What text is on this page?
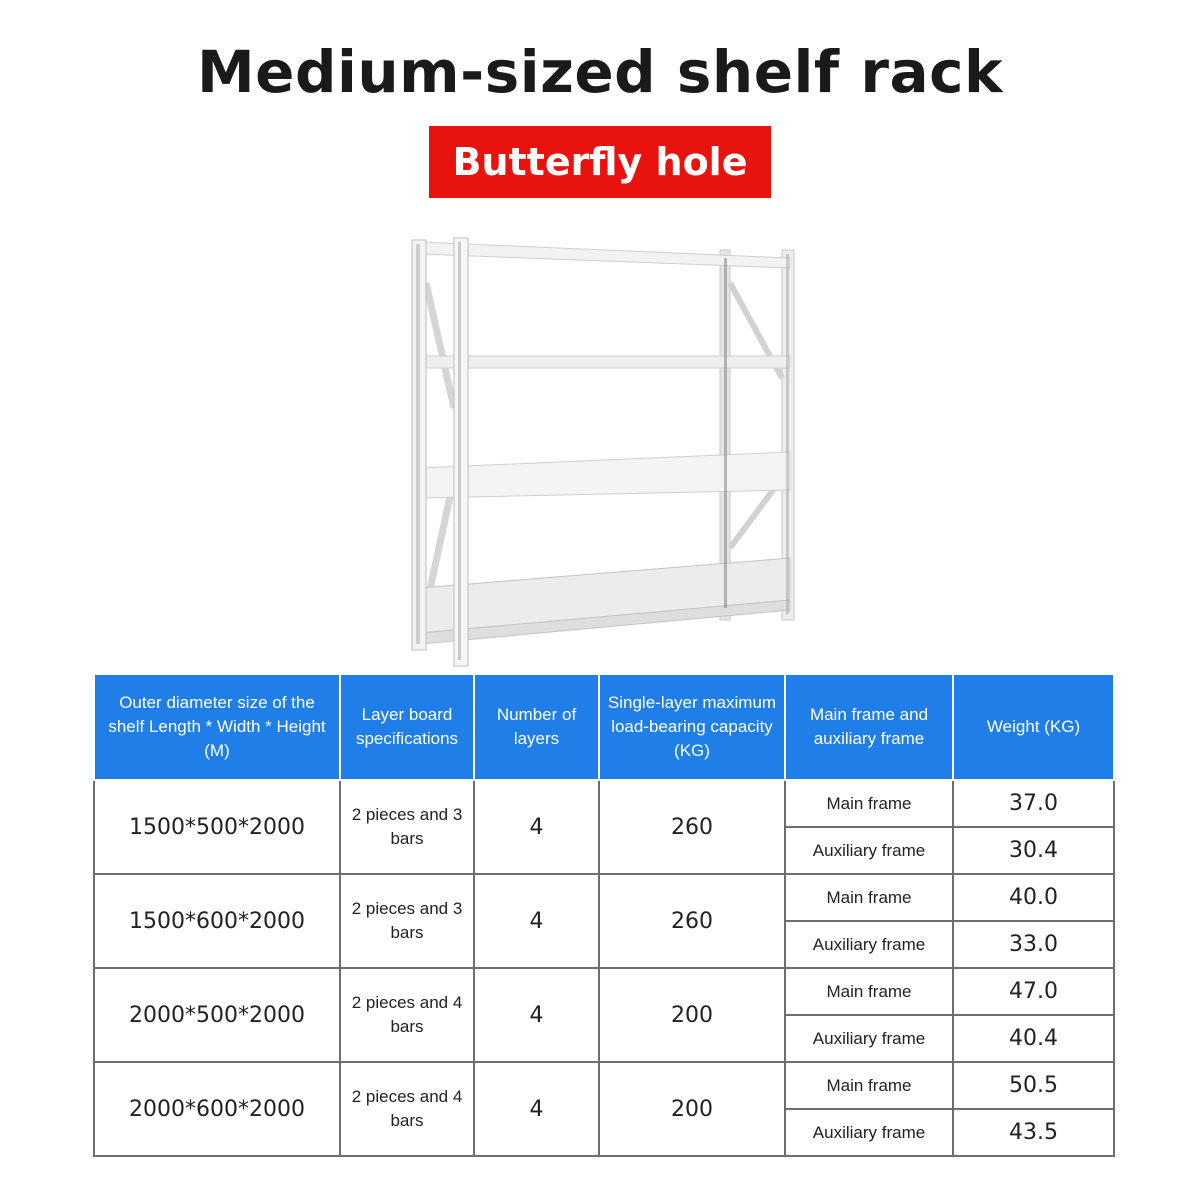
Medium-sized shelf rack
Butterfly hole
Outer diameter size of the shelf Length * Width * Height (M)	Layer board specifications	Number of layers	Single-layer maximum load-bearing capacity (KG)	Main frame and auxiliary frame	Weight (KG)
1500*500*2000	2 pieces and 3 bars	4	260	Main frame	37.0
				Auxiliary frame	30.4
1500*600*2000	2 pieces and 3 bars	4	260	Main frame	40.0
				Auxiliary frame	33.0
2000*500*2000	2 pieces and 4 bars	4	200	Main frame	47.0
				Auxiliary frame	40.4
2000*600*2000	2 pieces and 4 bars	4	200	Main frame	50.5
				Auxiliary frame	43.5
